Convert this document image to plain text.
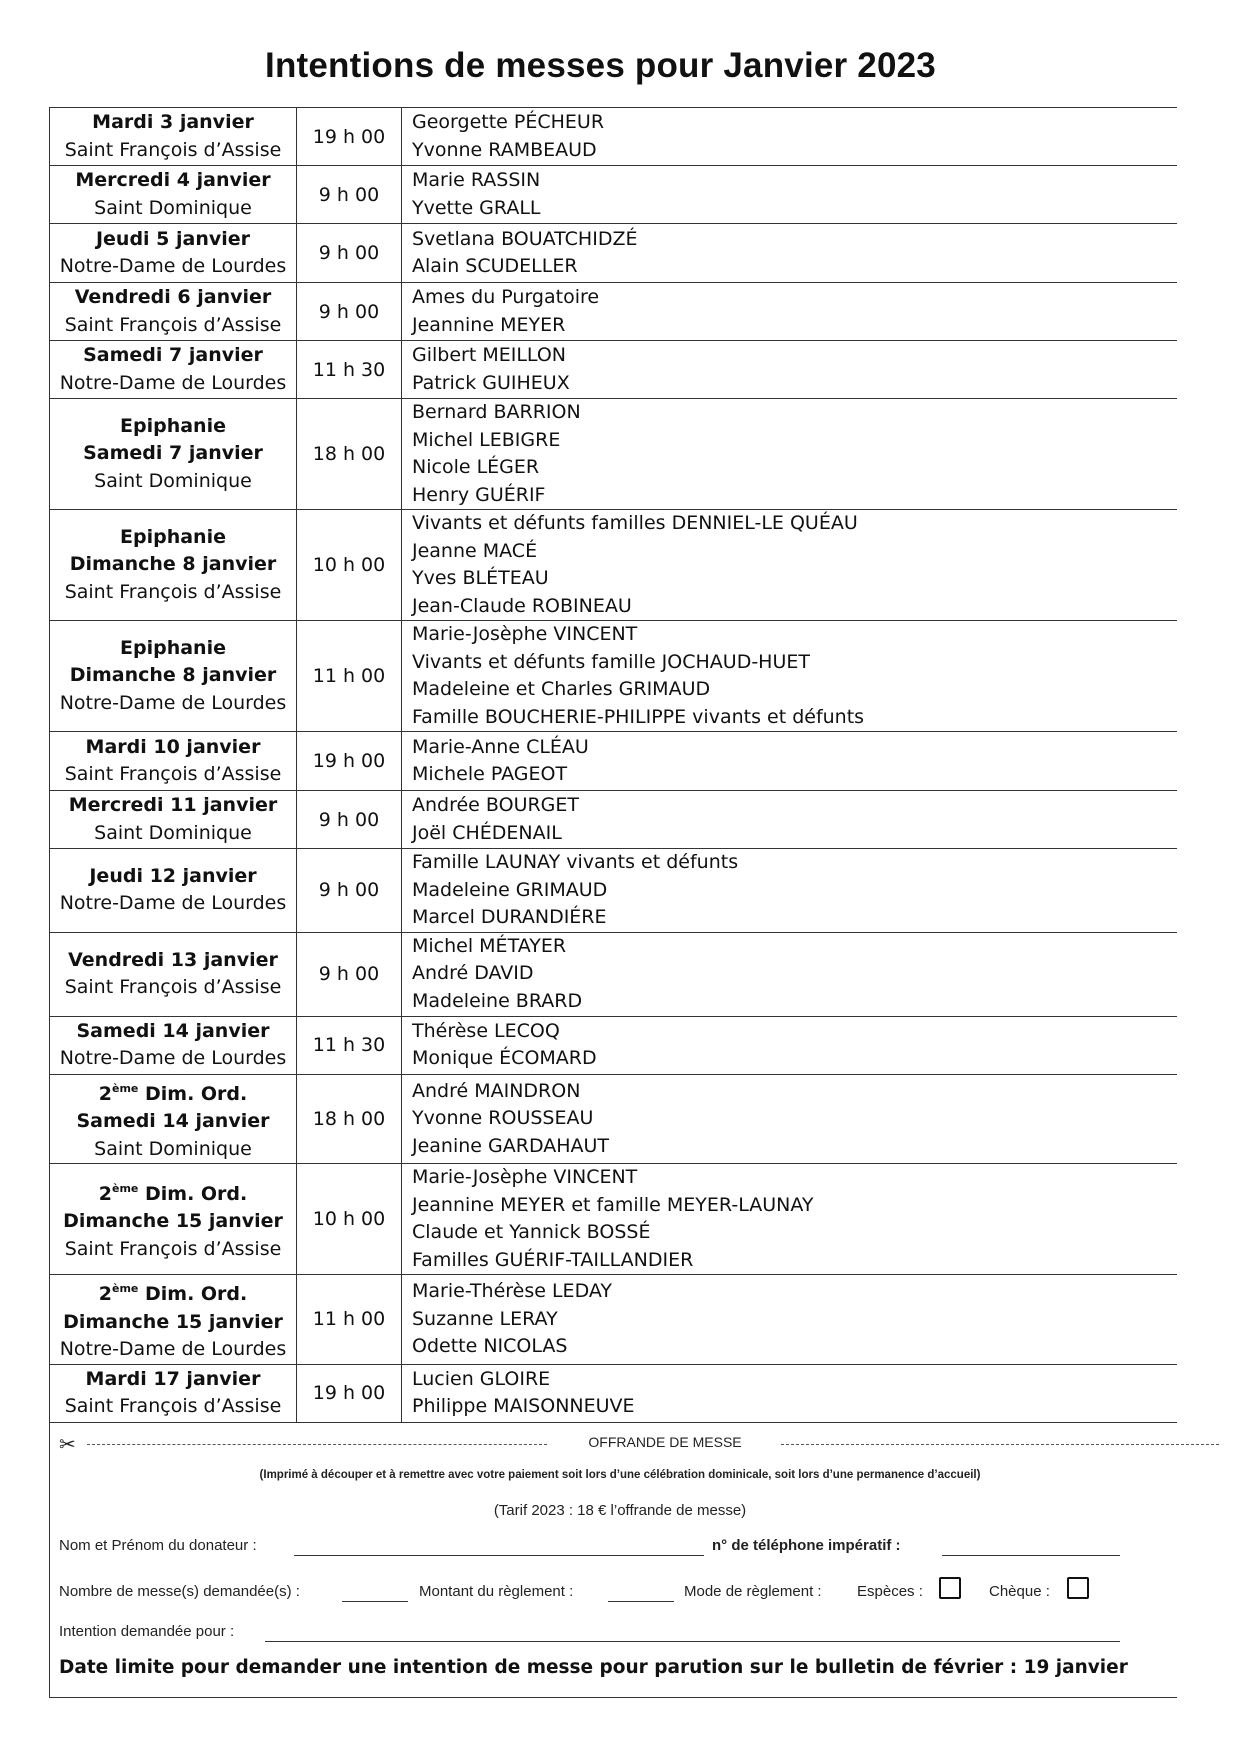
Intentions de messes pour Janvier 2023
Mardi 3 janvier
Saint François d’Assise	19 h 00	Georgette PÉCHEUR
Yvonne RAMBEAUD

Mercredi 4 janvier
Saint Dominique	9 h 00	Marie RASSIN
Yvette GRALL

Jeudi 5 janvier
Notre-Dame de Lourdes	9 h 00	Svetlana BOUATCHIDZÉ
Alain SCUDELLER

Vendredi 6 janvier
Saint François d’Assise	9 h 00	Ames du Purgatoire
Jeannine MEYER

Samedi 7 janvier
Notre-Dame de Lourdes	11 h 30	Gilbert MEILLON
Patrick GUIHEUX

Epiphanie
Samedi 7 janvier
Saint Dominique	18 h 00	Bernard BARRION
Michel LEBIGRE
Nicole LÉGER
Henry GUÉRIF

Epiphanie
Dimanche 8 janvier
Saint François d’Assise	10 h 00	Vivants et défunts familles DENNIEL-LE QUÉAU
Jeanne MACÉ
Yves BLÉTEAU
Jean-Claude ROBINEAU

Epiphanie
Dimanche 8 janvier
Notre-Dame de Lourdes	11 h 00	Marie-Josèphe VINCENT
Vivants et défunts famille JOCHAUD-HUET
Madeleine et Charles GRIMAUD
Famille BOUCHERIE-PHILIPPE vivants et défunts

Mardi 10 janvier
Saint François d’Assise	19 h 00	Marie-Anne CLÉAU
Michele PAGEOT

Mercredi 11 janvier
Saint Dominique	9 h 00	Andrée BOURGET
Joël CHÉDENAIL

Jeudi 12 janvier
Notre-Dame de Lourdes	9 h 00	Famille LAUNAY vivants et défunts
Madeleine GRIMAUD
Marcel DURANDIÉRE

Vendredi 13 janvier
Saint François d’Assise	9 h 00	Michel MÉTAYER
André DAVID
Madeleine BRARD

Samedi 14 janvier
Notre-Dame de Lourdes	11 h 30	Thérèse LECOQ
Monique ÉCOMARD

2ème Dim. Ord.
Samedi 14 janvier
Saint Dominique	18 h 00	André MAINDRON
Yvonne ROUSSEAU
Jeanine GARDAHAUT

2ème Dim. Ord.
Dimanche 15 janvier
Saint François d’Assise	10 h 00	Marie-Josèphe VINCENT
Jeannine MEYER et famille MEYER-LAUNAY
Claude et Yannick BOSSÉ
Familles GUÉRIF-TAILLANDIER

2ème Dim. Ord.
Dimanche 15 janvier
Notre-Dame de Lourdes	11 h 00	Marie-Thérèse LEDAY
Suzanne LERAY
Odette NICOLAS

Mardi 17 janvier
Saint François d’Assise	19 h 00	Lucien GLOIRE
Philippe MAISONNEUVE
✂	OFFRANDE DE MESSE
(Imprimé à découper et à remettre avec votre paiement soit lors d’une célébration dominicale, soit lors d’une permanence d’accueil)
(Tarif 2023 : 18 € l’offrande de messe)
Nom et Prénom du donateur :	n° de téléphone impératif :
Nombre de messe(s) demandée(s) :	Montant du règlement :	Mode de règlement : Espèces :	Chèque :
Intention demandée pour :
Date limite pour demander une intention de messe pour parution sur le bulletin de février : 19 janvier
